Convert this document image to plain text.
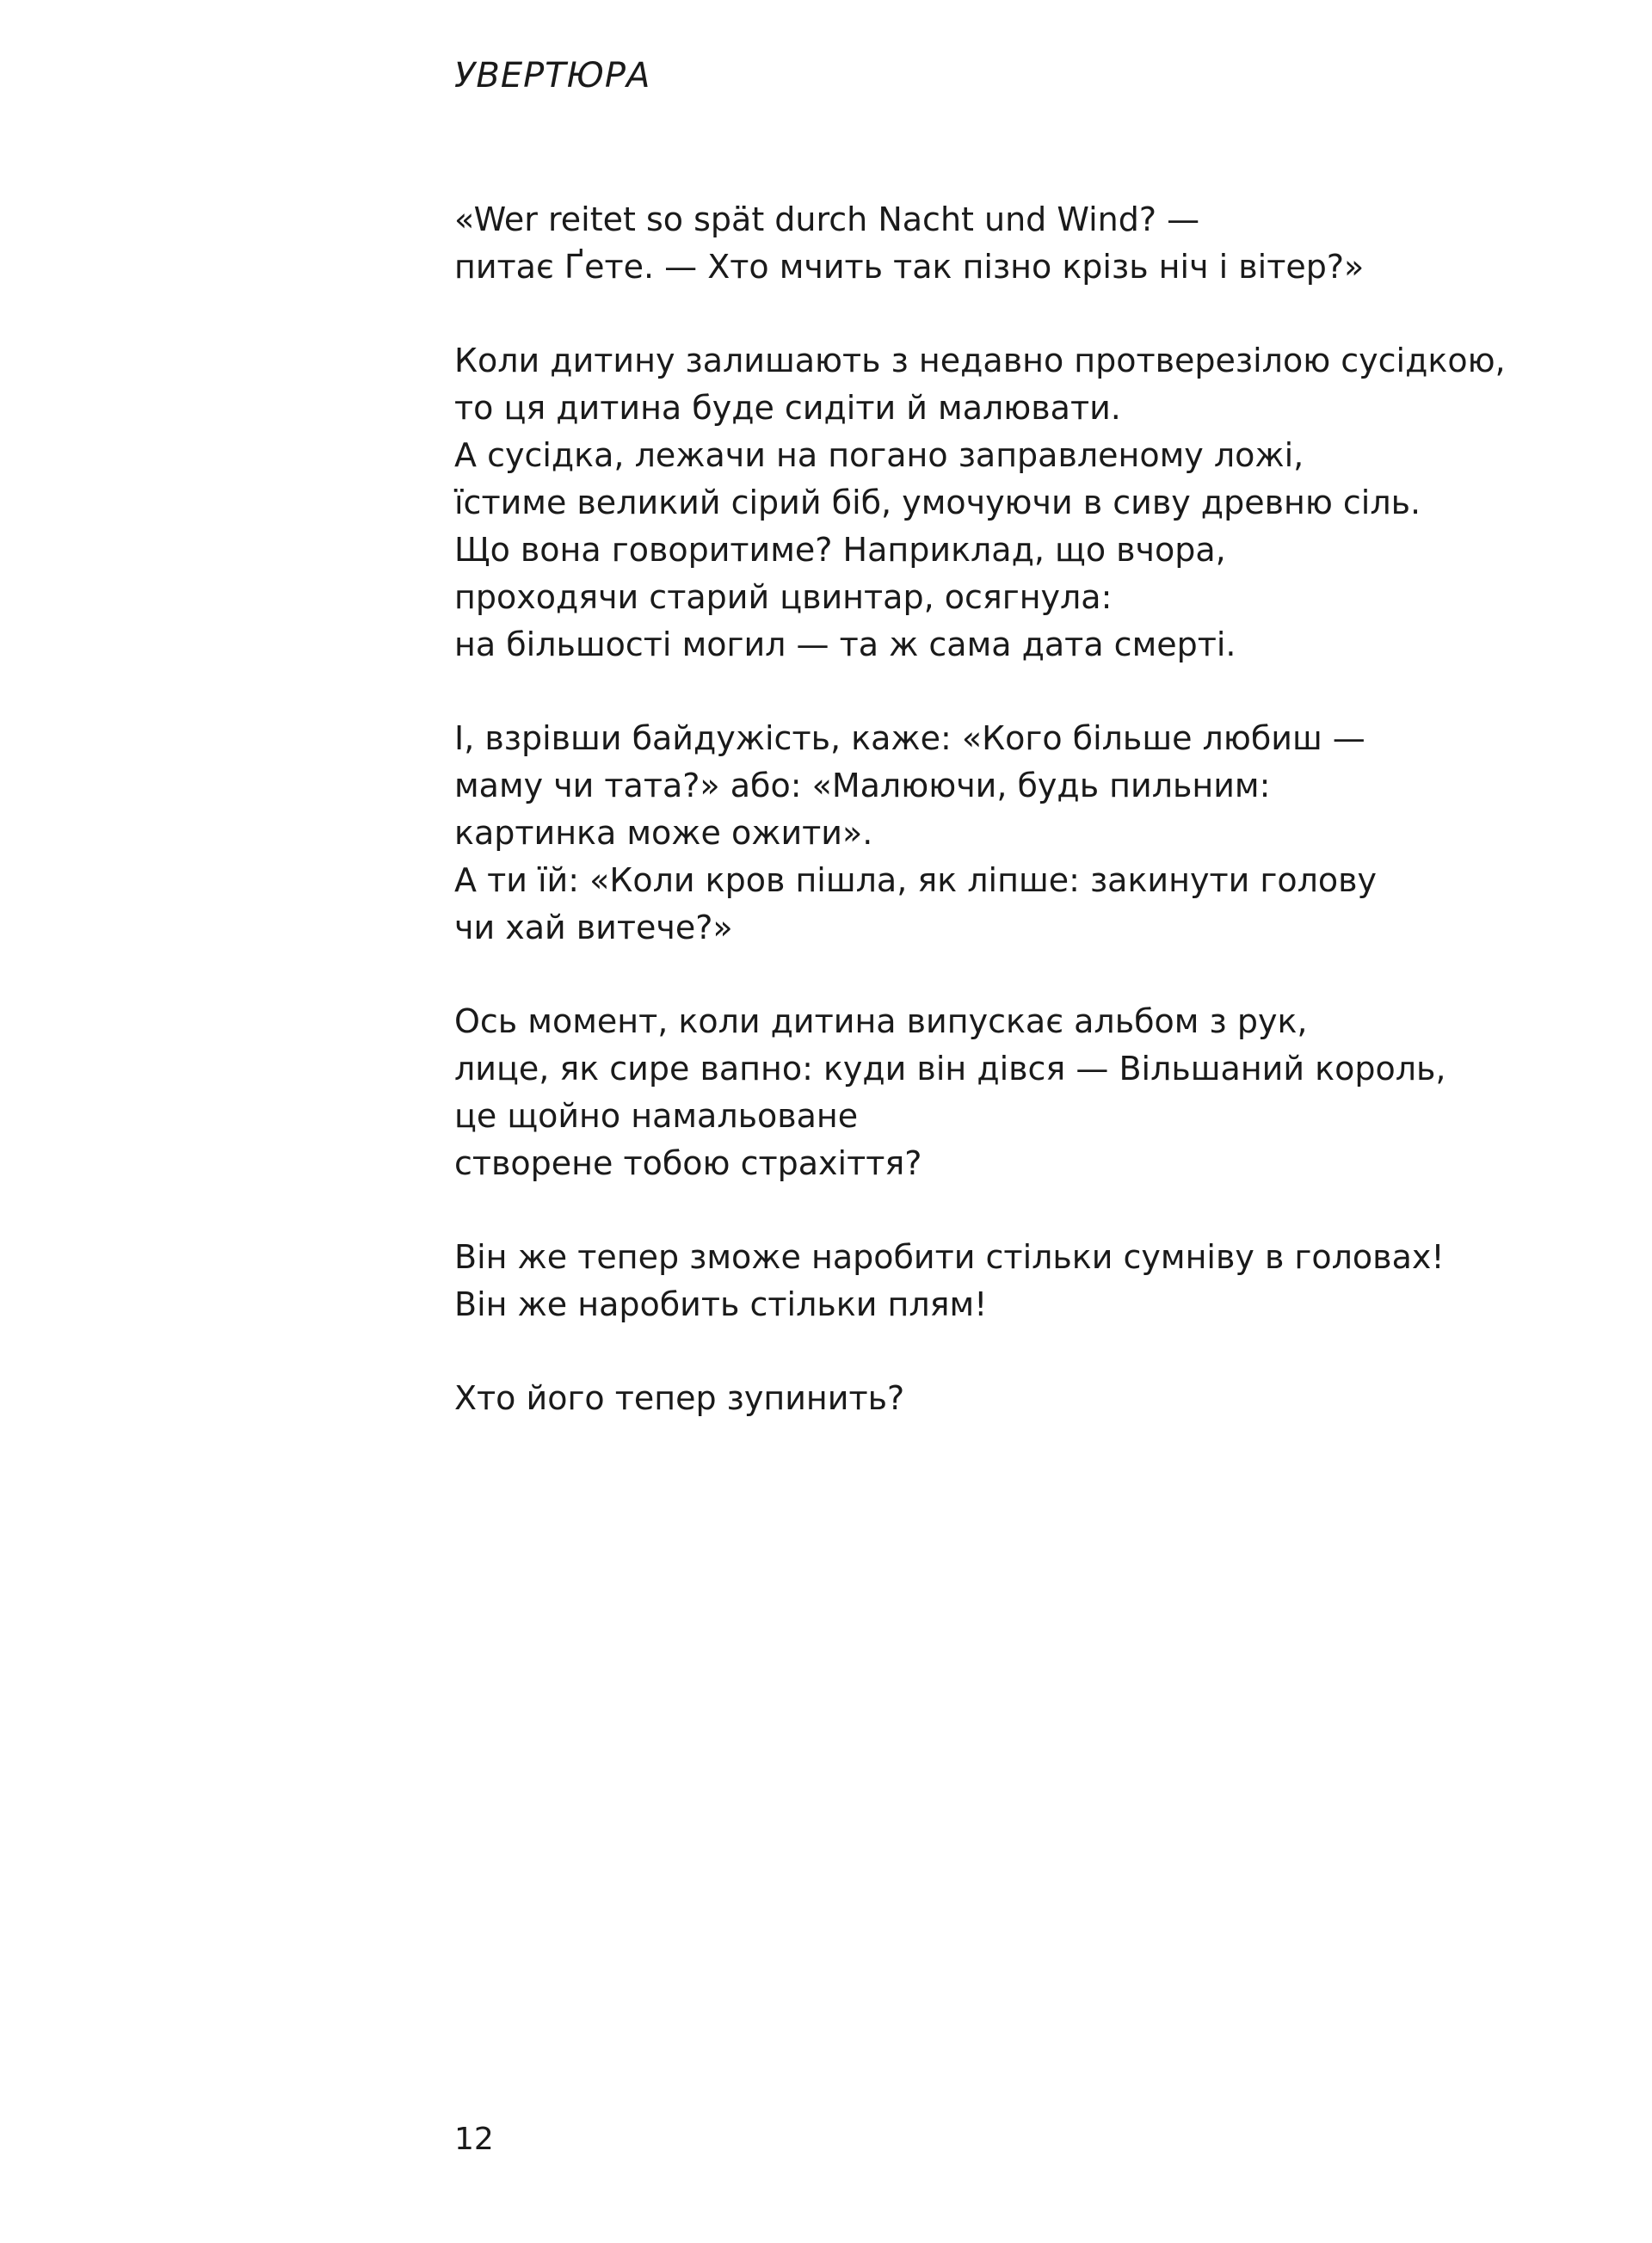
УВЕРТЮРА
«Wer reitet so spät durch Nacht und Wind? —
питає Ґете. — Хто мчить так пізно крізь ніч і вітер?»
Коли дитину залишають з недавно протверезілою сусідкою,
то ця дитина буде сидіти й малювати.
А сусідка, лежачи на погано заправленому ложі,
їстиме великий сірий біб, умочуючи в сиву древню сіль.
Що вона говоритиме? Наприклад, що вчора,
проходячи старий цвинтар, осягнула:
на більшості могил — та ж сама дата смерті.
І, взрівши байдужість, каже: «Кого більше любиш —
маму чи тата?» або: «Малюючи, будь пильним:
картинка може ожити».
А ти їй: «Коли кров пішла, як ліпше: закинути голову
чи хай витече?»
Ось момент, коли дитина випускає альбом з рук,
лице, як сире вапно: куди він дівся — Вільшаний король,
це щойно намальоване
створене тобою страхіття?
Він же тепер зможе наробити стільки сумніву в головах!
Він же наробить стільки плям!
Хто його тепер зупинить?
12
